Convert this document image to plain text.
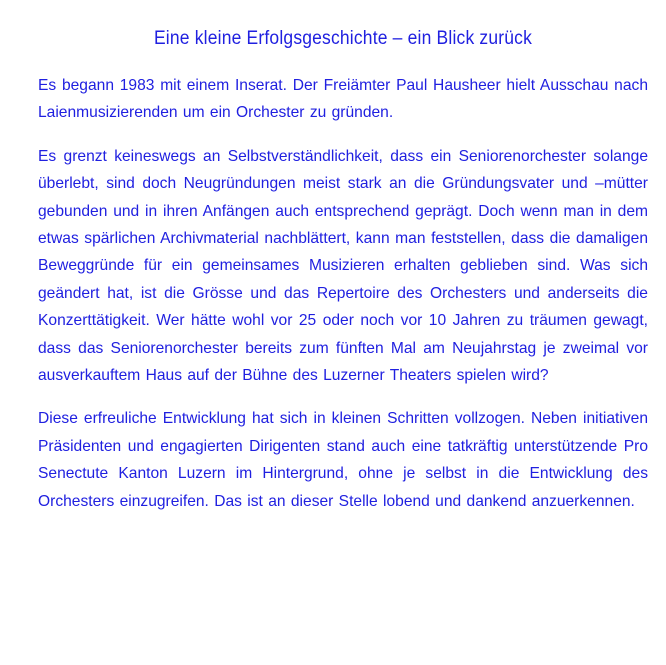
Eine kleine Erfolgsgeschichte – ein Blick zurück

Es begann 1983 mit einem Inserat. Der Freiämter Paul Hausheer hielt Ausschau nach Laienmusizierenden um ein Orchester zu gründen.

Es grenzt keineswegs an Selbstverständlichkeit, dass ein Seniorenorchester solange überlebt, sind doch Neugründungen meist stark an die Gründungsvater und –mütter gebunden und in ihren Anfängen auch entsprechend geprägt. Doch wenn man in dem etwas spärlichen Archivmaterial nachblättert, kann man feststellen, dass die damaligen Beweggründe für ein gemeinsames Musizieren erhalten geblieben sind. Was sich geändert hat, ist die Grösse und das Repertoire des Orchesters und anderseits die Konzerttätigkeit. Wer hätte wohl vor 25 oder noch vor 10 Jahren zu träumen gewagt, dass das Seniorenorchester bereits zum fünften Mal am Neujahrstag je zweimal vor ausverkauftem Haus auf der Bühne des Luzerner Theaters spielen wird?

Diese erfreuliche Entwicklung hat sich in kleinen Schritten vollzogen. Neben initiativen Präsidenten und engagierten Dirigenten stand auch eine tatkräftig unterstützende Pro Senectute Kanton Luzern im Hintergrund, ohne je selbst in die Entwicklung des Orchesters einzugreifen. Das ist an dieser Stelle lobend und dankend anzuerkennen.
